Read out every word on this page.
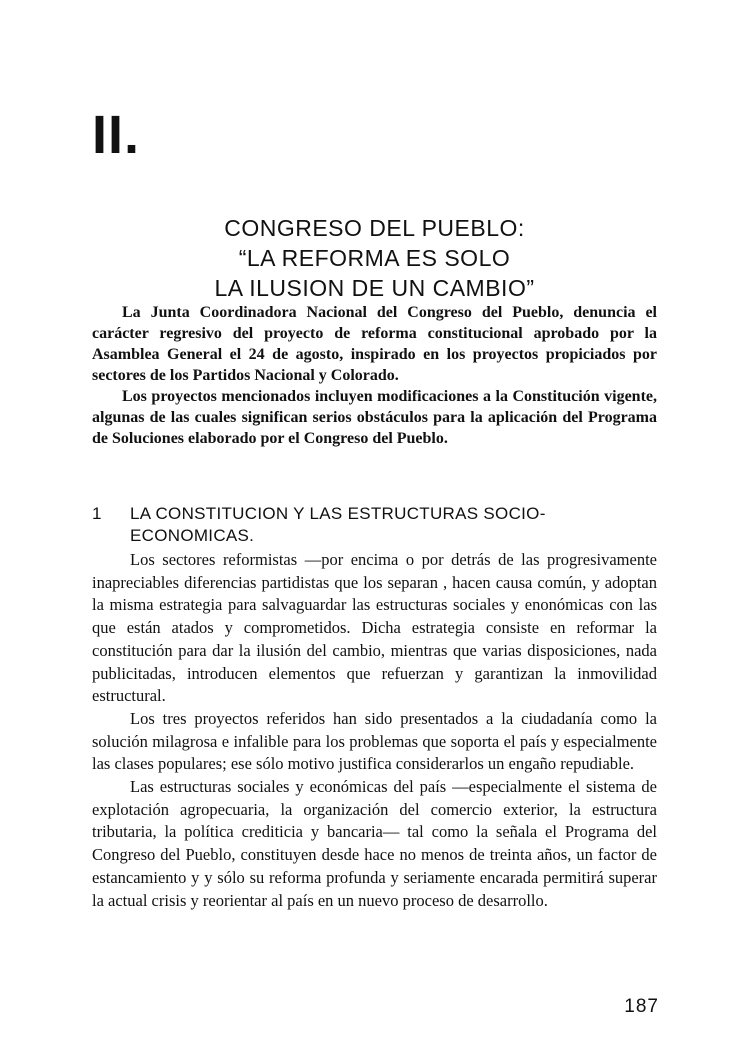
II.
CONGRESO DEL PUEBLO:
“LA REFORMA ES SOLO
LA ILUSION DE UN CAMBIO”

La Junta Coordinadora Nacional del Congreso del Pueblo, denuncia el carácter regresivo del proyecto de reforma constitucional aprobado por la Asamblea General el 24 de agosto, inspirado en los proyectos propiciados por sectores de los Partidos Nacional y Colorado.

Los proyectos mencionados incluyen modificaciones a la Constitución vigente, algunas de las cuales significan serios obstáculos para la aplicación del Programa de Soluciones elaborado por el Congreso del Pueblo.

1	LA CONSTITUCION Y LAS ESTRUCTURAS SOCIO-ECONOMICAS.

Los sectores reformistas —por encima o por detrás de las progresivamente inapreciables diferencias partidistas que los separan , hacen causa común, y adoptan la misma estrategia para salvaguardar las estructuras sociales y enonómicas con las que están atados y comprometidos. Dicha estrategia consiste en reformar la constitución para dar la ilusión del cambio, mientras que varias disposiciones, nada publicitadas, introducen elementos que refuerzan y garantizan la inmovilidad estructural.

Los tres proyectos referidos han sido presentados a la ciudadanía como la solución milagrosa e infalible para los problemas que soporta el país y especialmente las clases populares; ese sólo motivo justifica considerarlos un engaño repudiable.

Las estructuras sociales y económicas del país —especialmente el sistema de explotación agropecuaria, la organización del comercio exterior, la estructura tributaria, la política crediticia y bancaria— tal como la señala el Programa del Congreso del Pueblo, constituyen desde hace no menos de treinta años, un factor de estancamiento y y sólo su reforma profunda y seriamente encarada permitirá superar la actual crisis y reorientar al país en un nuevo proceso de desarrollo.

187
